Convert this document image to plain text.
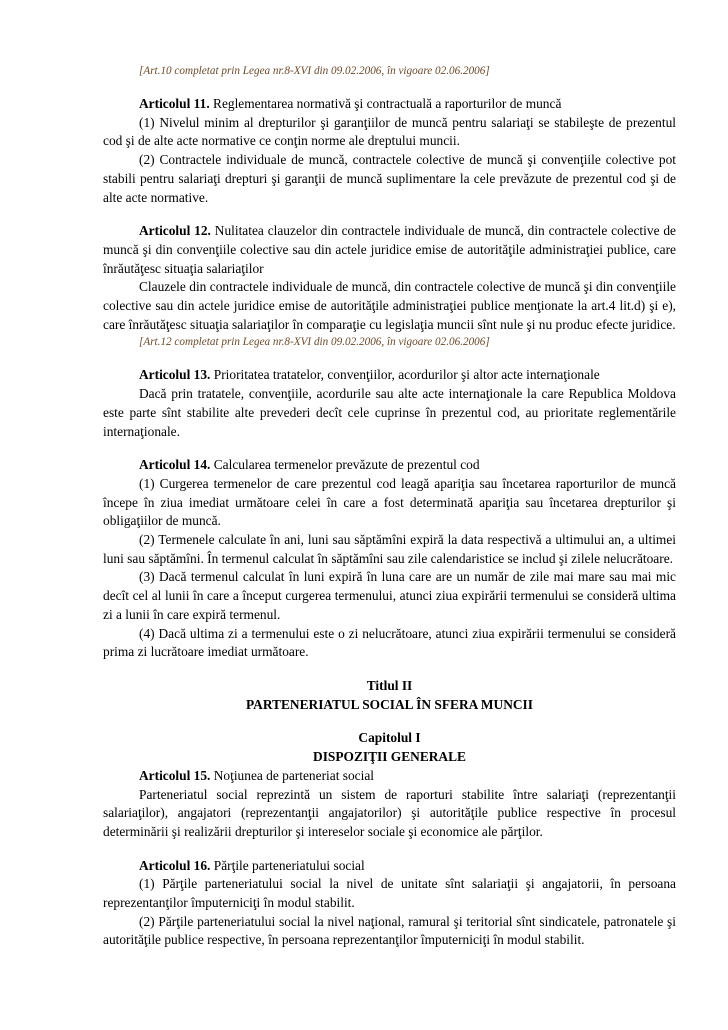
[Art.10 completat prin Legea nr.8-XVI din 09.02.2006, în vigoare 02.06.2006]

Articolul 11. Reglementarea normativă şi contractuală a raporturilor de muncă

(1) Nivelul minim al drepturilor şi garanţiilor de muncă pentru salariaţi se stabileşte de prezentul cod şi de alte acte normative ce conţin norme ale dreptului muncii.

(2) Contractele individuale de muncă, contractele colective de muncă şi convenţiile colective pot stabili pentru salariaţi drepturi şi garanţii de muncă suplimentare la cele prevăzute de prezentul cod şi de alte acte normative.

Articolul 12. Nulitatea clauzelor din contractele individuale de muncă, din contractele colective de muncă şi din convenţiile colective sau din actele juridice emise de autorităţile administraţiei publice, care înrăutăţesc situaţia salariaţilor

Clauzele din contractele individuale de muncă, din contractele colective de muncă şi din convenţiile colective sau din actele juridice emise de autorităţile administraţiei publice menţionate la art.4 lit.d) şi e), care înrăutăţesc situaţia salariaţilor în comparaţie cu legislaţia muncii sînt nule şi nu produc efecte juridice.

[Art.12 completat prin Legea nr.8-XVI din 09.02.2006, în vigoare 02.06.2006]

Articolul 13. Prioritatea tratatelor, convenţiilor, acordurilor şi altor acte internaţionale

Dacă prin tratatele, convenţiile, acordurile sau alte acte internaţionale la care Republica Moldova este parte sînt stabilite alte prevederi decît cele cuprinse în prezentul cod, au prioritate reglementările internaţionale.

Articolul 14. Calcularea termenelor prevăzute de prezentul cod

(1) Curgerea termenelor de care prezentul cod leagă apariţia sau încetarea raporturilor de muncă începe în ziua imediat următoare celei în care a fost determinată apariţia sau încetarea drepturilor şi obligaţiilor de muncă.

(2) Termenele calculate în ani, luni sau săptămîni expiră la data respectivă a ultimului an, a ultimei luni sau săptămîni. În termenul calculat în săptămîni sau zile calendaristice se includ şi zilele nelucrătoare.

(3) Dacă termenul calculat în luni expiră în luna care are un număr de zile mai mare sau mai mic decît cel al lunii în care a început curgerea termenului, atunci ziua expirării termenului se consideră ultima zi a lunii în care expiră termenul.

(4) Dacă ultima zi a termenului este o zi nelucrătoare, atunci ziua expirării termenului se consideră prima zi lucrătoare imediat următoare.

Titlul II

PARTENERIATUL SOCIAL ÎN SFERA MUNCII

Capitolul I

DISPOZIŢII GENERALE

Articolul 15. Noţiunea de parteneriat social

Parteneriatul social reprezintă un sistem de raporturi stabilite între salariaţi (reprezentanţii salariaţilor), angajatori (reprezentanţii angajatorilor) şi autorităţile publice respective în procesul determinării şi realizării drepturilor şi intereselor sociale şi economice ale părţilor.

Articolul 16. Părţile parteneriatului social

(1) Părţile parteneriatului social la nivel de unitate sînt salariaţii şi angajatorii, în persoana reprezentanţilor împuterniciţi în modul stabilit.

(2) Părţile parteneriatului social la nivel naţional, ramural şi teritorial sînt sindicatele, patronatele şi autorităţile publice respective, în persoana reprezentanţilor împuterniciţi în modul stabilit.
